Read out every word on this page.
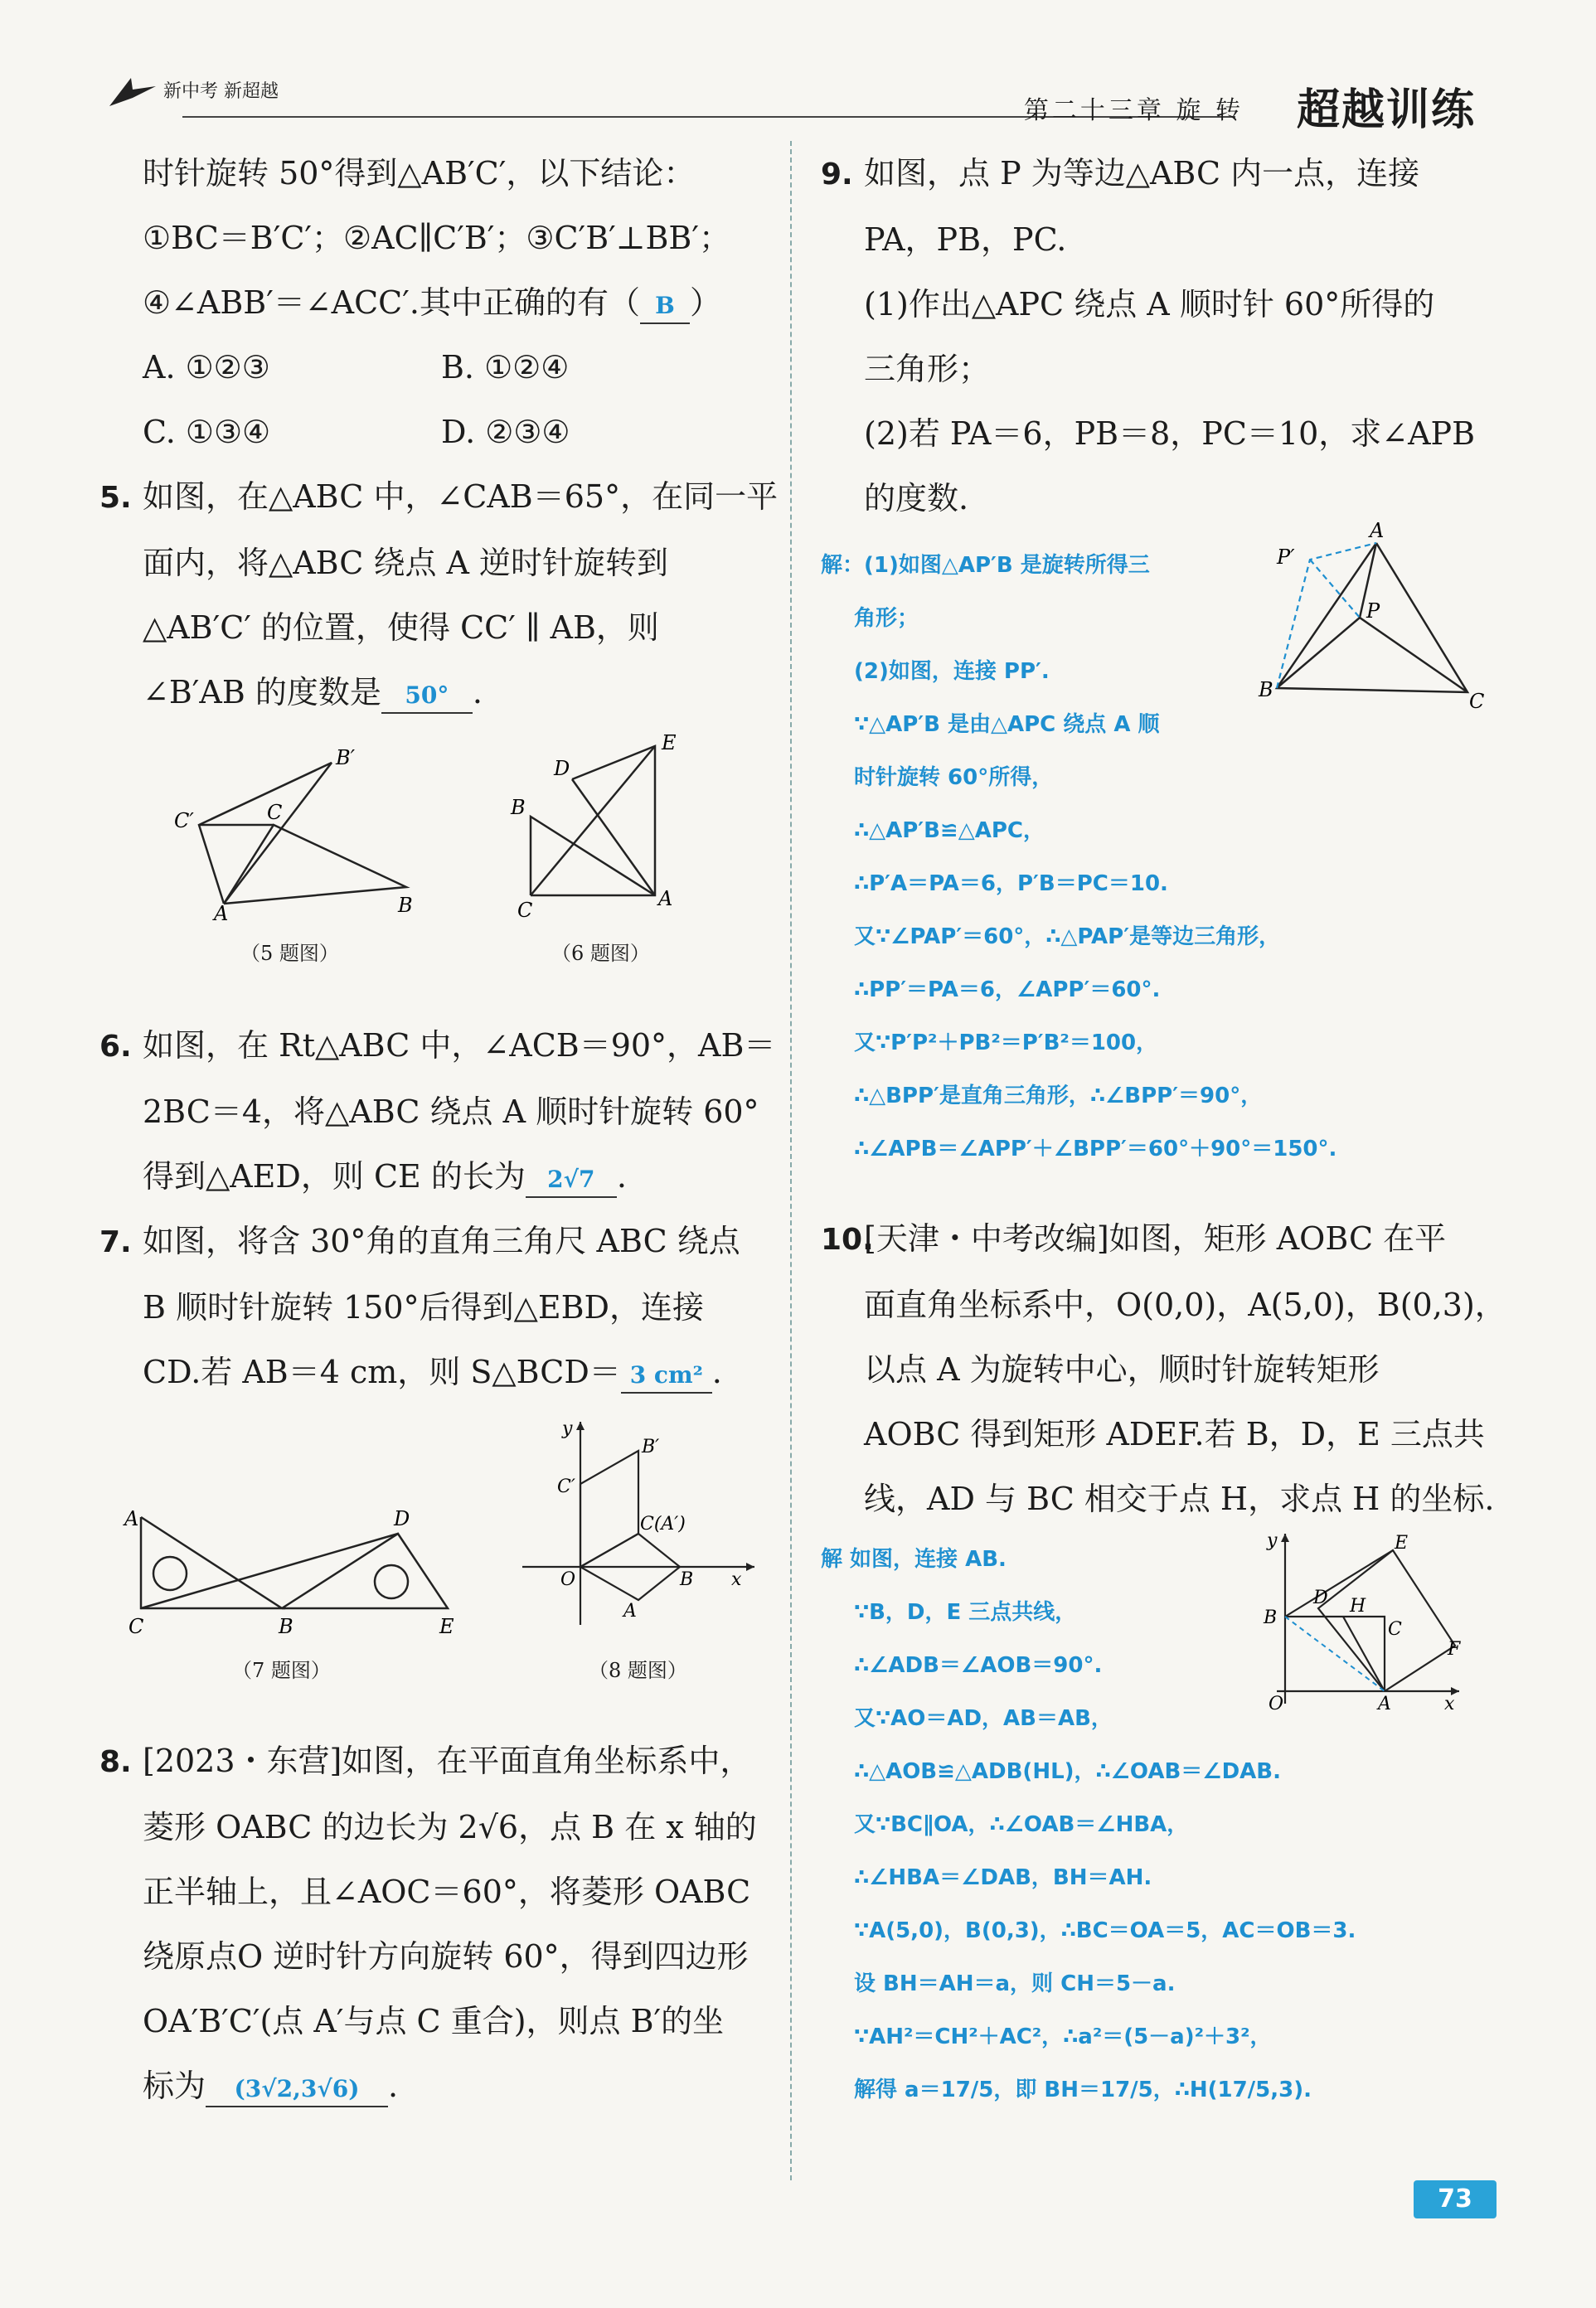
新中考 新超越
第二十三章 旋 转 超越训练

时针旋转 50°得到△AB′C′，以下结论：

①BC＝B′C′；②AC∥C′B′；③C′B′⊥BB′；

④∠ABB′＝∠ACC′.其中正确的有（ B ）

A. ①②③	B. ①②④

C. ①③④	D. ②③④

5. 如图，在△ABC 中，∠CAB＝65°，在同一平

面内，将△ABC 绕点 A 逆时针旋转到

△AB′C′ 的位置，使得 CC′ ∥ AB，则

∠B′AB 的度数是 50° .

B′
C′	C
A	B
（5 题图）
E
D
B
C	A
（6 题图）

6. 如图，在 Rt△ABC 中，∠ACB＝90°，AB＝

2BC＝4，将△ABC 绕点 A 顺时针旋转 60°

得到△AED，则 CE 的长为 2√7 .

7. 如图，将含 30°角的直角三角尺 ABC 绕点

B 顺时针旋转 150°后得到△EBD，连接

CD.若 AB＝4 cm，则 S△BCD＝ 3 cm² .

A	D
C	B	E
（7 题图）
y
B′
C′
C(A′)
O	B x
A
（8 题图）

8. [2023・东营]如图，在平面直角坐标系中，

菱形 OABC 的边长为 2√6，点 B 在 x 轴的

正半轴上，且∠AOC＝60°，将菱形 OABC

绕原点O 逆时针方向旋转 60°，得到四边形

OA′B′C′(点 A′与点 C 重合)，则点 B′的坐

标为 (3√2,3√6) .

9. 如图，点 P 为等边△ABC 内一点，连接

PA，PB，PC.

(1)作出△APC 绕点 A 顺时针 60°所得的

三角形；

(2)若 PA＝6，PB＝8，PC＝10，求∠APB

的度数.

解：(1)如图△AP′B 是旋转所得三

角形；

(2)如图，连接 PP′.

∵△AP′B 是由△APC 绕点 A 顺

时针旋转 60°所得，

∴△AP′B≌△APC，

∴P′A＝PA＝6，P′B＝PC＝10.

又∵∠PAP′＝60°，∴△PAP′是等边三角形，

∴PP′＝PA＝6，∠APP′＝60°.

又∵P′P²＋PB²＝P′B²＝100，

∴△BPP′是直角三角形，∴∠BPP′＝90°，

∴∠APB＝∠APP′＋∠BPP′＝60°＋90°＝150°.

A
P′
P
B	C

10.[天津・中考改编]如图，矩形 AOBC 在平

面直角坐标系中，O(0,0)，A(5,0)，B(0,3)，

以点 A 为旋转中心，顺时针旋转矩形

AOBC 得到矩形 ADEF.若 B，D，E 三点共

线，AD 与 BC 相交于点 H，求点 H 的坐标.

解 如图，连接 AB.

∵B，D，E 三点共线，

∴∠ADB＝∠AOB＝90°.

又∵AO＝AD，AB＝AB，

∴△AOB≌△ADB(HL)，∴∠OAB＝∠DAB.

又∵BC∥OA，∴∠OAB＝∠HBA，

∴∠HBA＝∠DAB，BH＝AH.

∵A(5,0)，B(0,3)，∴BC＝OA＝5，AC＝OB＝3.

设 BH＝AH＝a，则 CH＝5－a.

∵AH²＝CH²＋AC²，∴a²＝(5－a)²＋3²，

解得 a＝17/5，即 BH＝17/5，∴H(17/5,3).

y	E
D
B
H
C
F
O	A	x
73
